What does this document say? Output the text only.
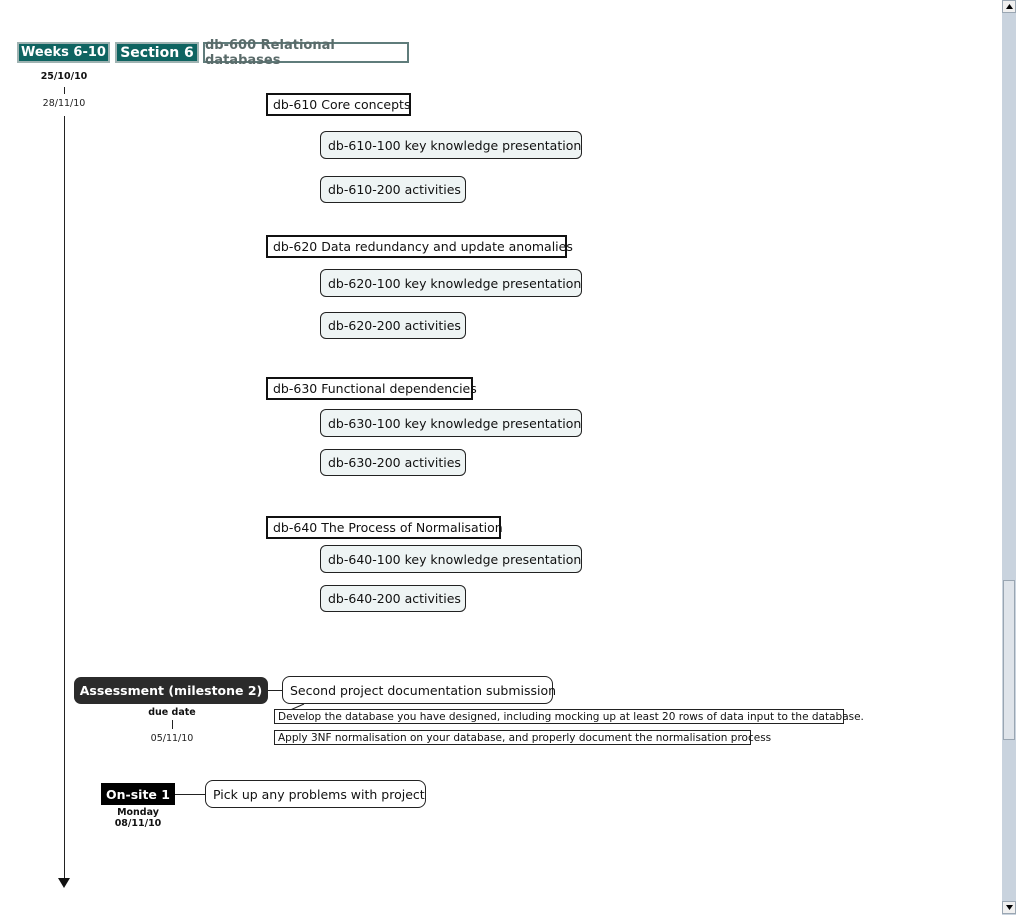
Weeks 6-10	Section 6 db-600 Relational databases
25/10/10
28/11/10	db-610 Core concepts
db-610-100 key knowledge presentation
db-610-200 activities
db-620 Data redundancy and update anomalies
db-620-100 key knowledge presentation
db-620-200 activities
db-630 Functional dependencies
db-630-100 key knowledge presentation
db-630-200 activities
db-640 The Process of Normalisation
db-640-100 key knowledge presentation
db-640-200 activities
Assessment (milestone 2)	Second project documentation submission
due date
05/11/10
Develop the database you have designed, including mocking up at least 20 rows of data input to the database.
Apply 3NF normalisation on your database, and properly document the normalisation process
On-site 1	Pick up any problems with project
Monday
08/11/10
